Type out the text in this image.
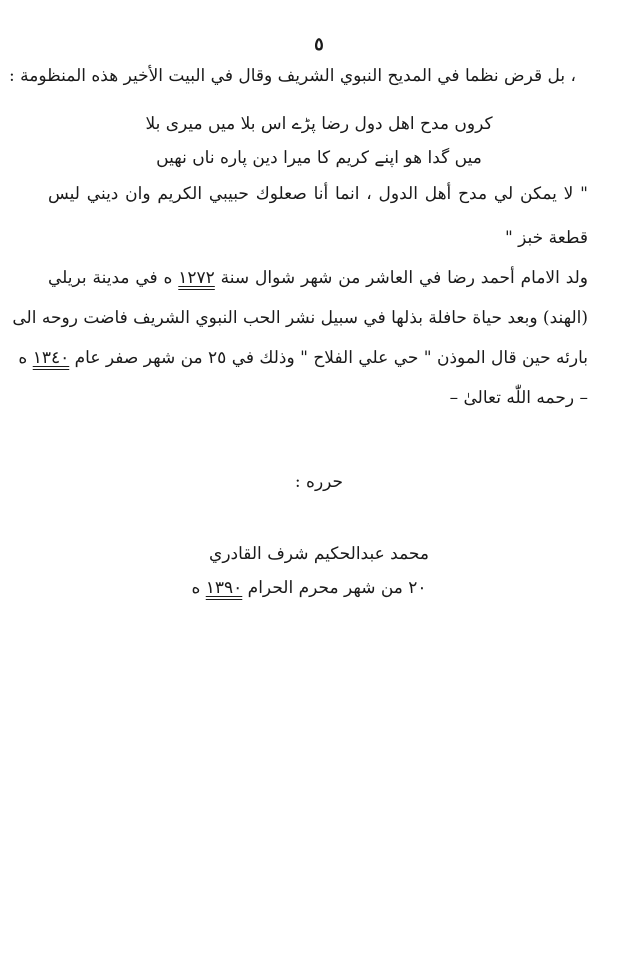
٥
، بل قرض نظما في المديح النبوي الشريف وقال في البيت الأخير هذه المنظومة :
کروں مدح اهل دول رضا پڑے اس بلا میں میری بلا
میں گدا هو اپنے کریم کا میرا دین پاره ناں نهیں
" لا يمكن لي مدح أهل الدول ، انما أنا صعلوك حبيبي الكريم وان ديني ليس
قطعة خبز "
ولد الامام أحمد رضا في العاشر من شهر شوال سنة ١٢٧٢ ه في مدينة بريلي
(الهند) وبعد حياة حافلة بذلها في سبيل نشر الحب النبوي الشريف فاضت روحه الى
بارئه حين قال الموذن " حي علي الفلاح " وذلك في ٢٥ من شهر صفر عام ١٣٤٠ ه
– رحمه اللّٰه تعالیٰ –
حرره :
محمد عبدالحكيم شرف القادري
٢٠ من شهر محرم الحرام ١٣٩٠ ه
